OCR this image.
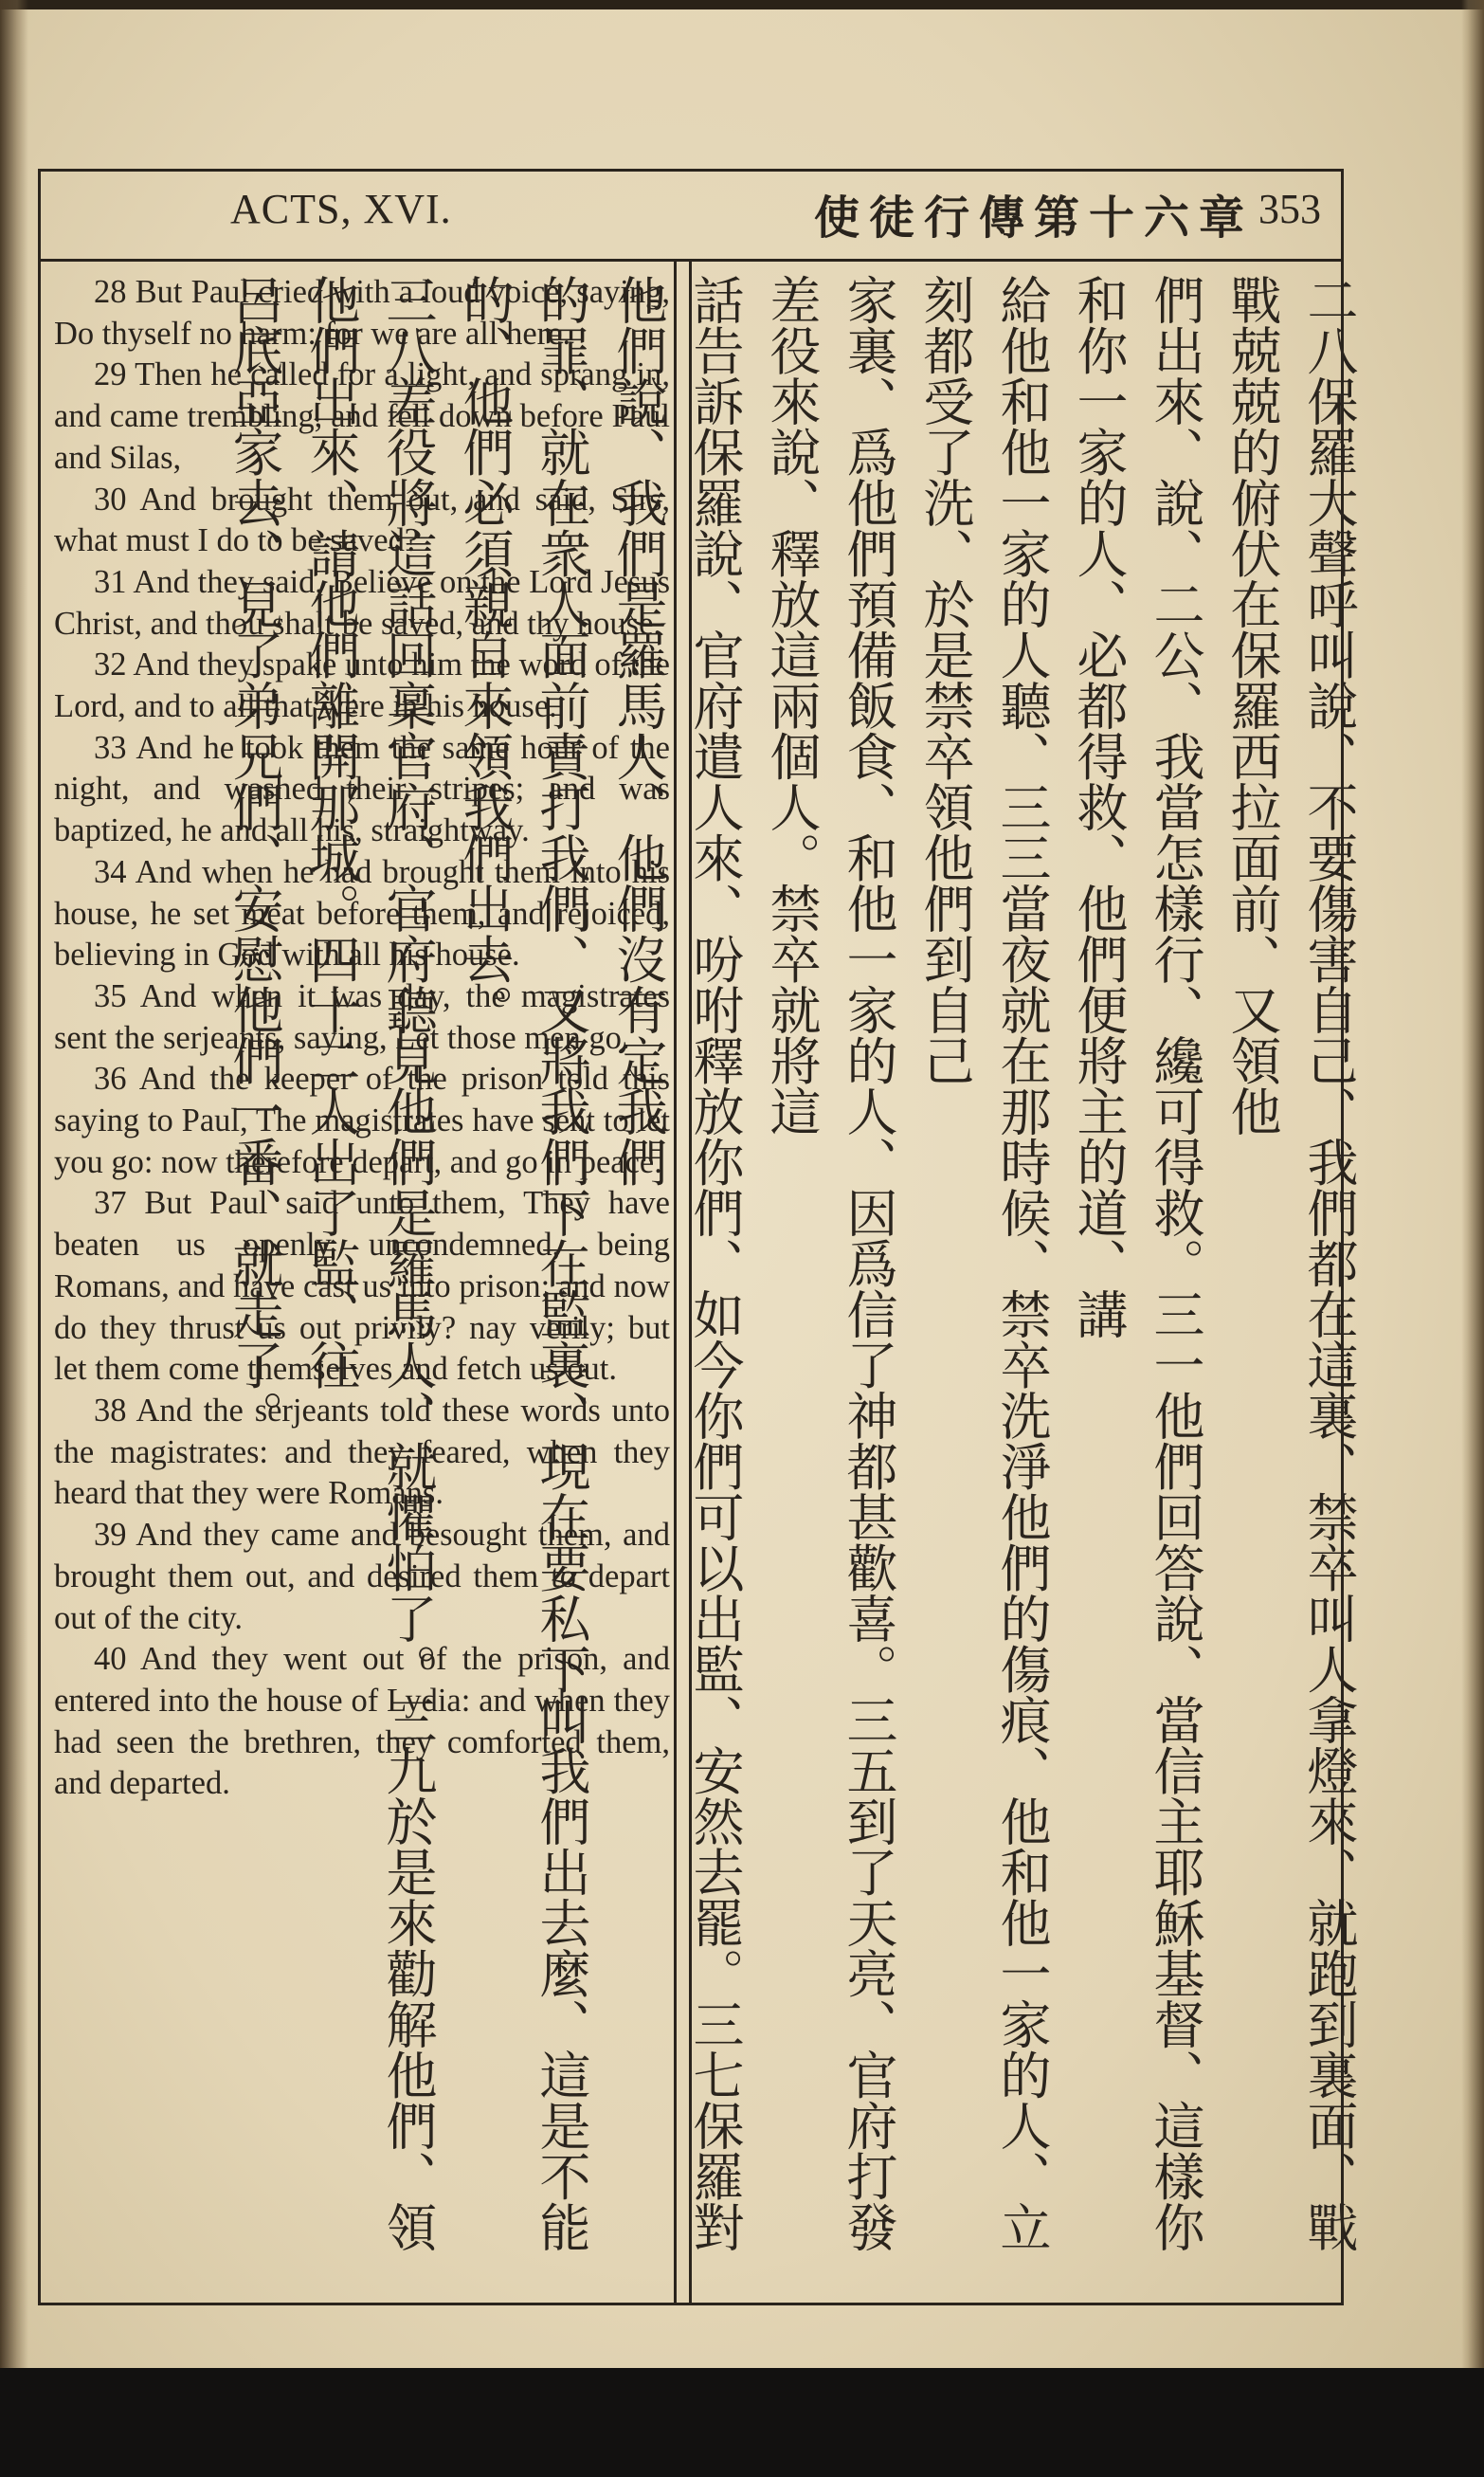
ACTS, XVI.	使徒行傳第十六章 353
28 But Paul cried with a loud voice, saying, Do thyself no harm: for we are all here.
29 Then he called for a light, and sprang in, and came trembling, and fell down before Paul and Silas,
30 And brought them out, and said, Sirs, what must I do to be saved?
31 And they said, Believe on the Lord Jesus Christ, and thou shalt be saved, and thy house.
32 And they spake unto him the word of the Lord, and to all that were in his house.
33 And he took them the same hour of the night, and washed their stripes; and was baptized, he and all his, straightway.
34 And when he had brought them into his house, he set meat before them, and rejoiced, believing in God with all his house.
35 And when it was day, the magistrates sent the serjeants, saying, Let those men go.
36 And the keeper of the prison told this saying to Paul, The magistrates have sent to let you go: now therefore depart, and go in peace.
37 But Paul said unto them, They have beaten us openly uncondemned, being Romans, and have cast us into prison; and now do they thrust us out privily? nay verily; but let them come themselves and fetch us out.
38 And the serjeants told these words unto the magistrates: and they feared, when they heard that they were Romans.
39 And they came and besought them, and brought them out, and desired them to depart out of the city.
40 And they went out of the prison, and entered into the house of Lydia: and when they had seen the brethren, they comforted them, and departed.	二八保羅大聲呼叫說、不要傷害自己、我們都在這裏、禁卒叫人拿燈來、就跑到裏面、戰戰兢兢的俯伏在保羅西拉面前、又領他

們出來、說、二公、我當怎樣行、纔可得救。三一他們回答說、當信主耶穌基督、這樣你和你一家的人、必都得救、他們便將主的道、講

給他和他一家的人聽、三三當夜就在那時候、禁卒洗淨他們的傷痕、他和他一家的人、立刻都受了洗、於是禁卒領他們到自己

家裏、爲他們預備飯食、和他一家的人、因爲信了神都甚歡喜。三五到了天亮、官府打發差役來說、釋放這兩個人。禁卒就將這

話告訴保羅說、官府遣人來、吩咐釋放你們、如今你們可以出監、安然去罷。三七保羅對他們說、我們是羅馬人、他們沒有定我們

的罪、就在衆人面前責打我們、又將我們下在監裏、現在要私下叫我們出去麼、這是不能的、他們必須親自來領我們出去。

三八差役將這話回稟官府、官府聽見他們是羅馬人、就懼怕了。三九於是來勸解他們、領他們出來、請他們離開那城。四十二人出了監、往

呂底亞家去、見了弟兄們、安慰他們一番、就走了。
